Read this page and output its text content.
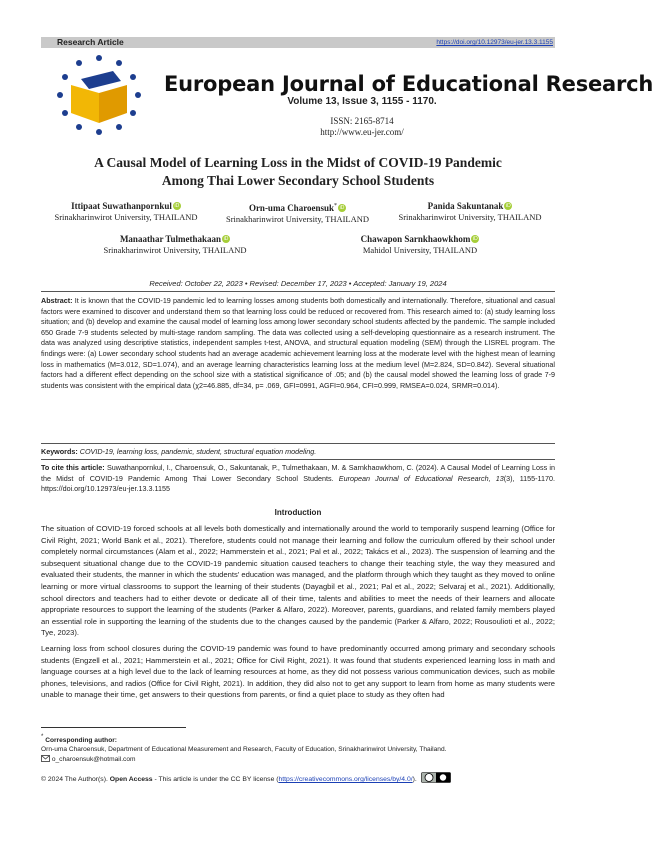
Research Article	https://doi.org/10.12973/eu-jer.13.3.1155
European Journal of Educational Research
Volume 13, Issue 3, 1155 - 1170.
ISSN: 2165-8714
http://www.eu-jer.com/
A Causal Model of Learning Loss in the Midst of COVID-19 Pandemic
Among Thai Lower Secondary School Students
Ittipaat Suwathanpornkul iD
Srinakharinwirot University, THAILAND
Orn-uma Charoensuk* iD
Srinakharinwirot University, THAILAND
Panida Sakuntanak iD
Srinakharinwirot University, THAILAND
Manaathar Tulmethakaan iD
Srinakharinwirot University, THAILAND
Chawapon Sarnkhaowkhom iD
Mahidol University, THAILAND
Received: October 22, 2023 • Revised: December 17, 2023 • Accepted: January 19, 2024
Abstract: It is known that the COVID-19 pandemic led to learning losses among students both domestically and internationally. Therefore, situational and casual factors were examined to discover and understand them so that learning loss could be reduced or recovered from. This research aimed to: (a) study learning loss situation; and (b) develop and examine the causal model of learning loss among lower secondary school students affected by the pandemic. The sample included 650 Grade 7-9 students selected by multi-stage random sampling. The data was collected using a self-developing questionnaire as a research instrument. The data was analyzed using descriptive statistics, independent samples t-test, ANOVA, and structural equation modeling (SEM) through the LISREL program. The findings were: (a) Lower secondary school students had an average academic achievement learning loss at the moderate level with the highest mean of learning loss in mathematics (M=3.012, SD=1.074), and an average learning characteristics learning loss at the medium level (M=2.824, SD=0.842). Several situational factors had a different effect depending on the school size with a statistical significance of .05; and (b) the causal model showed the learning loss of grade 7-9 students was consistent with the empirical data (χ2=46.885, df=34, p= .069, GFI=0991, AGFI=0.964, CFI=0.999, RMSEA=0.024, SRMR=0.014).
Keywords: COVID-19, learning loss, pandemic, student, structural equation modeling.
To cite this article: Suwathanpornkul, I., Charoensuk, O., Sakuntanak, P., Tulmethakaan, M. & Sarnkhaowkhom, C. (2024). A Causal Model of Learning Loss in the Midst of COVID-19 Pandemic Among Thai Lower Secondary School Students. European Journal of Educational Research, 13(3), 1155-1170. https://doi.org/10.12973/eu-jer.13.3.1155
Introduction
The situation of COVID-19 forced schools at all levels both domestically and internationally around the world to temporarily suspend learning (Office for Civil Right, 2021; World Bank et al., 2021). Therefore, students could not manage their learning and follow the curriculum offered by their school under completely normal circumstances (Alam et al., 2022; Hammerstein et al., 2021; Pal et al., 2022; Takács et al., 2023). The suspension of learning and the subsequent situational change due to the COVID-19 pandemic situation caused teachers to change their teaching style, the way they measured and evaluated their students, the manner in which the students' education was managed, and the platform through which they taught as they moved to online learning or more virtual classrooms to support the learning of their students (Dayagbil et al., 2021; Pal et al., 2022; Selvaraj et al., 2021). Additionally, school directors and teachers had to either devote or dedicate all of their time, talents and abilities to meet the needs of their learners and allocate appropriate resources to support the learning of the students (Parker & Alfaro, 2022). Moreover, parents, guardians, and related family members played an essential role in supporting the learning of the students due to the changes caused by the pandemic (Parker & Alfaro, 2022; Rousoulioti et al., 2022; Tye, 2023).
Learning loss from school closures during the COVID-19 pandemic was found to have predominantly occurred among primary and secondary schools students (Engzell et al., 2021; Hammerstein et al., 2021; Office for Civil Right, 2021). It was found that students experienced learning loss in math and language courses at a high level due to the lack of learning resources at home, as they did not possess various communication devices, such as mobile phones, televisions, and radios (Office for Civil Right, 2021). In addition, they did also not to get any support to learn from home as many students were unable to manage their time, get answers to their questions from parents, or find a quiet place to study as they often had
* Corresponding author:
Orn-uma Charoensuk, Department of Educational Measurement and Research, Faculty of Education, Srinakharinwirot University, Thailand.
o_charoensuk@hotmail.com
© 2024 The Author(s). Open Access - This article is under the CC BY license (https://creativecommons.org/licenses/by/4.0/).
